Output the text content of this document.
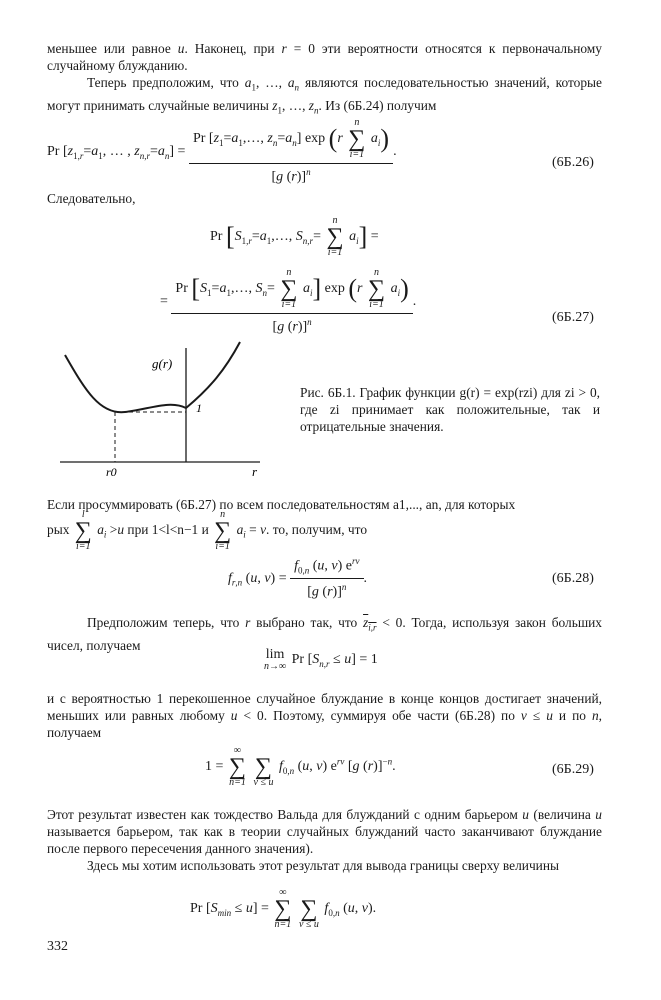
меньшее или равное u. Наконец, при r = 0 эти вероятности относятся к первоначальному случайному блужданию.

Теперь предположим, что $a_1$, …, $a_n$ являются последовательностью значений, которые могут принимать случайные величины $z_1$, …, $z_n$. Из (6Б.24) получим

Pr [$z_{1,r}=a_1$, … , $z_{n,r}=a_n] = Pr$ [$z_1=a_1,\dots$, $z_n=a_n$] exp (r
n
∑
i=1
$a_i$)
[g (r)]$^n$ .
(6Б.26)

Следовательно,

Pr [$S_{1,r}=a_1,\dots$, $S_{n,r}=$
n
∑
i=1
$a_i$] =
= Pr [$S_1=a_1,\dots$, $S_n=$
n
∑
i=1
$a_i$] exp (r
n
∑
i=1
$a_i$)
[g (r)]$^n$ .
(6Б.27)
g(r)
1
r0	r
Рис. 6Б.1. График функции g(r) = exp(rzi) для zi > 0, где zi принимает как положительные, так и отрицательные значения.

Если просуммировать (6Б.27) по всем последовательностям a1,..., an, для которых

рых
l
∑
i=1
$a_i >u$ при 1<l<n−1 и
n
∑
i=1
$a_i = v$. то, получим, что
$f_{r,n}$ (u, $v) = \frac{f_{0,n} (u, v) e^{rv}}{[g (r)]^n}$ .	(6Б.28)

Предположим теперь, что r выбрано так, что $z_{i,r} < 0$. Тогда, используя закон больших чисел, получаем

lim
n→∞ Pr $[S_{n,r} \le u] = 1$

и с вероятностью 1 перекошенное случайное блуждание в конце концов достигает значений, меньших или равных любому u < 0. Поэтому, суммируя обе части (6Б.28) по v ≤ u и по n, получаем

1 =
∞
∑
n=1

∑
v ≤ u
$f_{0,n}$ (u, v) $e^{rv}$ [g (r)]$^{-n}$.	(6Б.29)

Этот результат известен как тождество Вальда для блужданий с одним барьером u (величина u называется барьером, так как в теории случайных блужданий часто заканчивают блуждание после первого пересечения данного значения).

Здесь мы хотим использовать этот результат для вывода границы сверху величины

Pr $[S_{min} \le u]$ =
∞
∑
n=1

∑
v ≤ u
$f_{0,n}$ (u, v).
332
